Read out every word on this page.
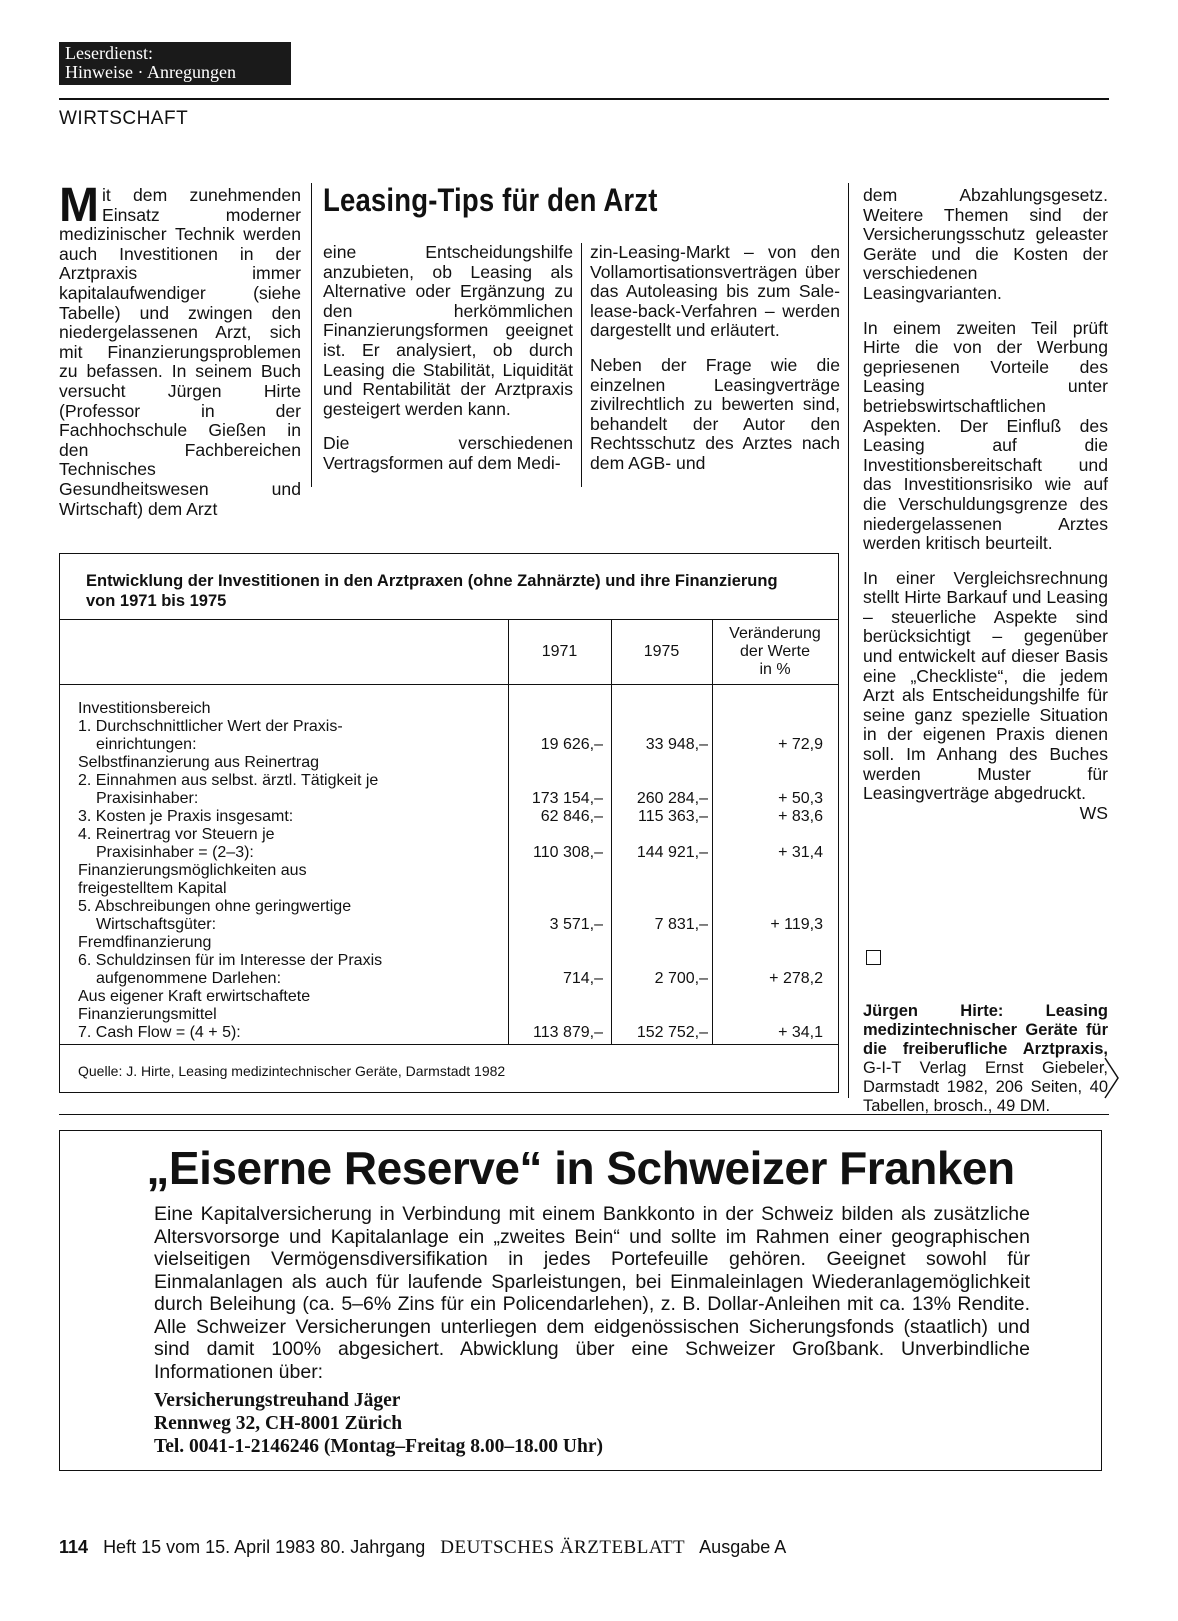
Leserdienst:
Hinweise · Anregungen
WIRTSCHAFT
M it dem zunehmenden Einsatz moderner medizinischer Technik werden auch Investitionen in der Arztpraxis immer kapitalaufwendiger (siehe Tabelle) und zwingen den niedergelassenen Arzt, sich mit Finanzierungsproblemen zu befassen. In seinem Buch versucht Jürgen Hirte (Professor in der Fachhochschule Gießen in den Fachbereichen Technisches Gesundheitswesen und Wirtschaft) dem Arzt
Leasing-Tips für den Arzt

eine Entscheidungshilfe anzubieten, ob Leasing als Alternative oder Ergänzung zu den herkömmlichen Finanzierungsformen geeignet ist. Er analysiert, ob durch Leasing die Stabilität, Liquidität und Rentabilität der Arztpraxis gesteigert werden kann.

Die verschiedenen Vertragsformen auf dem Medi-

zin-Leasing-Markt – von den Vollamortisationsverträgen über das Autoleasing bis zum Sale-lease-back-Verfahren – werden dargestellt und erläutert.

Neben der Frage wie die einzelnen Leasingverträge zivilrechtlich zu bewerten sind, behandelt der Autor den Rechtsschutz des Arztes nach dem AGB- und

dem Abzahlungsgesetz. Weitere Themen sind der Versicherungsschutz geleaster Geräte und die Kosten der verschiedenen Leasingvarianten.

In einem zweiten Teil prüft Hirte die von der Werbung gepriesenen Vorteile des Leasing unter betriebswirtschaftlichen Aspekten. Der Einfluß des Leasing auf die Investitionsbereitschaft und das Investitionsrisiko wie auf die Verschuldungsgrenze des niedergelassenen Arztes werden kritisch beurteilt.

In einer Vergleichsrechnung stellt Hirte Barkauf und Leasing – steuerliche Aspekte sind berücksichtigt – gegenüber und entwickelt auf dieser Basis eine „Checkliste“, die jedem Arzt als Entscheidungshilfe für seine ganz spezielle Situation in der eigenen Praxis dienen soll. Im Anhang des Buches werden Muster für Leasingverträge abgedruckt.
WS

Jürgen Hirte: Leasing medizintechnischer Geräte für die freiberufliche Arztpraxis, G-I-T Verlag Ernst Giebeler, Darmstadt 1982, 206 Seiten, 40 Tabellen, brosch., 49 DM.
Entwicklung der Investitionen in den Arztpraxen (ohne Zahnärzte) und ihre Finanzierung von 1971 bis 1975
1971	1975
Veränderung
der Werte
in %
Investitionsbereich
1. Durchschnittlicher Wert der Praxis-
einrichtungen:	19 626,–	33 948,–	+ 72,9
Selbstfinanzierung aus Reinertrag
2. Einnahmen aus selbst. ärztl. Tätigkeit je
Praxisinhaber:	173 154,–	260 284,–	+ 50,3
3. Kosten je Praxis insgesamt:	62 846,–	115 363,–	+ 83,6
4. Reinertrag vor Steuern je
Praxisinhaber = (2–3):	110 308,–	144 921,–	+ 31,4
Finanzierungsmöglichkeiten aus
freigestelltem Kapital
5. Abschreibungen ohne geringwertige
Wirtschaftsgüter:	3 571,–	7 831,–	+ 119,3
Fremdfinanzierung
6. Schuldzinsen für im Interesse der Praxis
aufgenommene Darlehen:	714,–	2 700,–	+ 278,2
Aus eigener Kraft erwirtschaftete
Finanzierungsmittel
7. Cash Flow = (4 + 5):	113 879,–	152 752,–	+ 34,1
Quelle: J. Hirte, Leasing medizintechnischer Geräte, Darmstadt 1982
„Eiserne Reserve“ in Schweizer Franken
Eine Kapitalversicherung in Verbindung mit einem Bankkonto in der Schweiz bilden als zusätzliche Altersvorsorge und Kapitalanlage ein „zweites Bein“ und sollte im Rahmen einer geographischen vielseitigen Vermögensdiversifikation in jedes Portefeuille gehören. Geeignet sowohl für Einmalanlagen als auch für laufende Sparleistungen, bei Einmaleinlagen Wiederanlagemöglichkeit durch Beleihung (ca. 5–6% Zins für ein Policendarlehen), z. B. Dollar-Anleihen mit ca. 13% Rendite. Alle Schweizer Versicherungen unterliegen dem eidgenössischen Sicherungsfonds (staatlich) und sind damit 100% abgesichert. Abwicklung über eine Schweizer Großbank. Unverbindliche Informationen über:
Versicherungstreuhand Jäger
Rennweg 32, CH-8001 Zürich
Tel. 0041-1-2146246 (Montag–Freitag 8.00–18.00 Uhr)
114 Heft 15 vom 15. April 1983 80. Jahrgang DEUTSCHES ÄRZTEBLATT Ausgabe A
